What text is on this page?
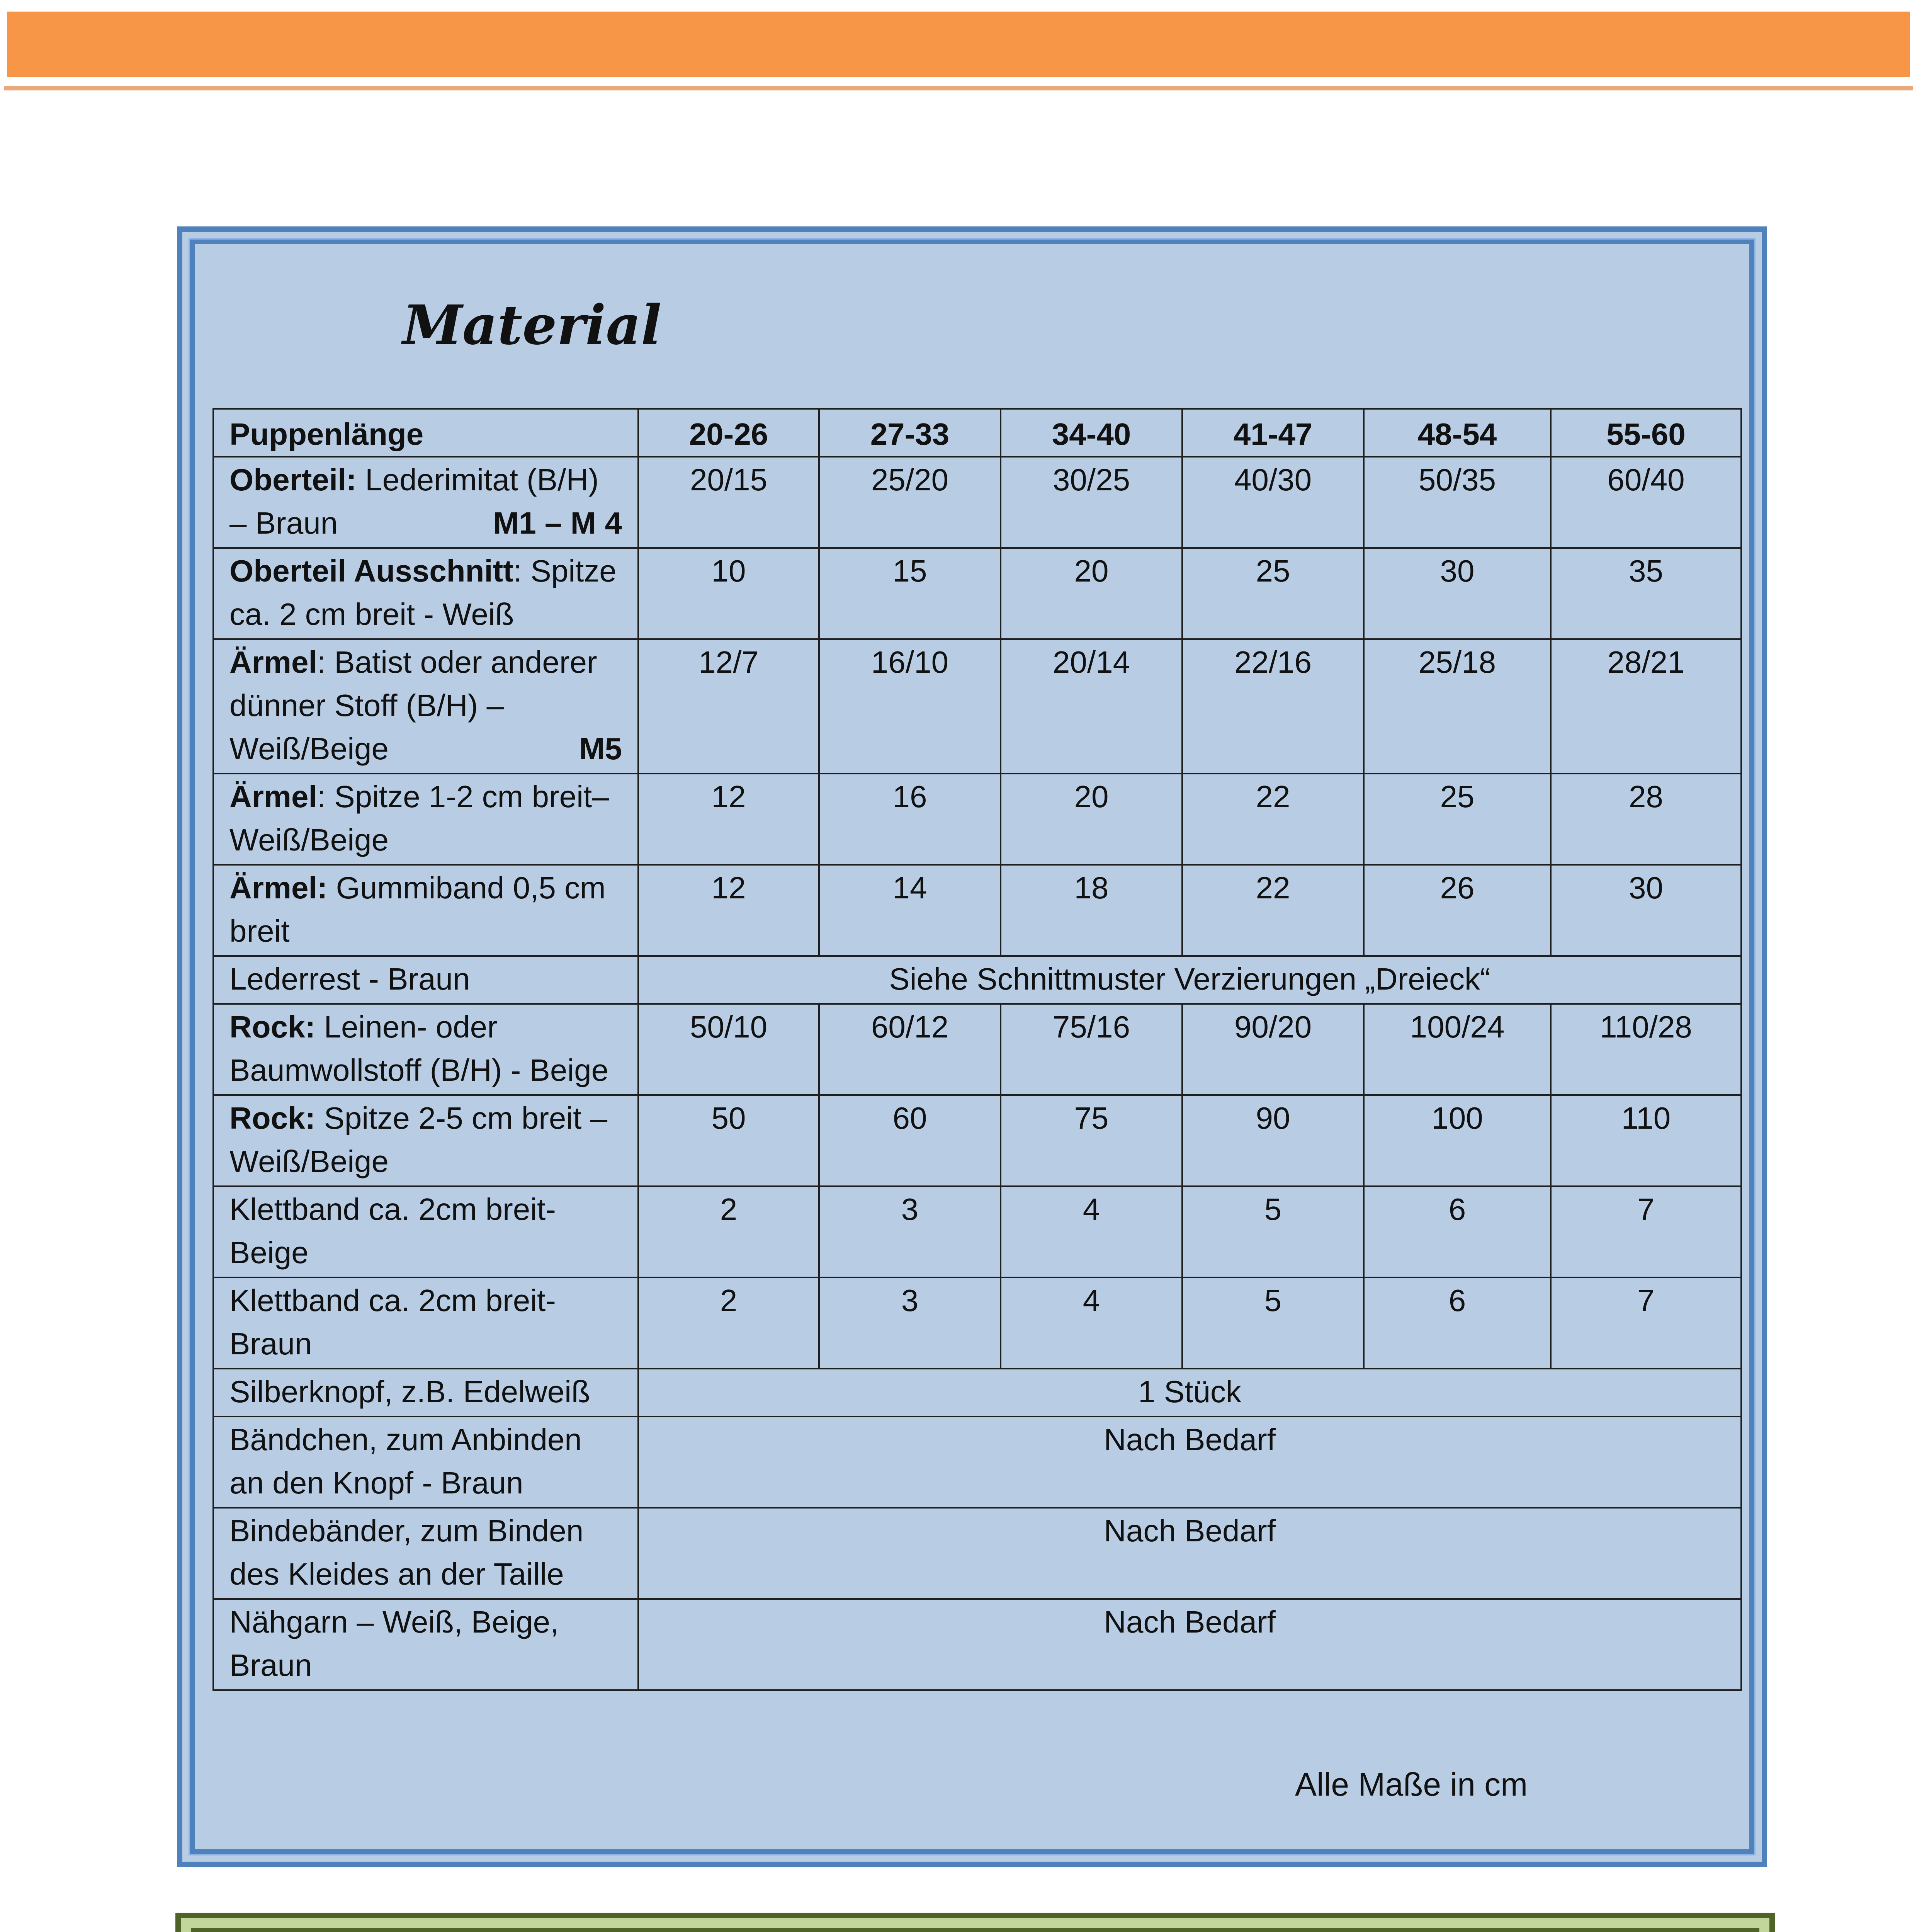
Material
Puppenlänge	20-26	27-33	34-40	41-47	48-54	55-60
Oberteil: Lederimitat (B/H) – Braun M1 – M 4	20/15	25/20	30/25	40/30	50/35	60/40
Oberteil Ausschnitt: Spitze ca. 2 cm breit - Weiß	10	15	20	25	30	35
Ärmel: Batist oder anderer dünner Stoff (B/H) – Weiß/Beige M5	12/7	16/10	20/14	22/16	25/18	28/21
Ärmel: Spitze 1-2 cm breit– Weiß/Beige	12	16	20	22	25	28
Ärmel: Gummiband 0,5 cm breit	12	14	18	22	26	30
Lederrest - Braun	Siehe Schnittmuster Verzierungen „Dreieck“					
Rock: Leinen- oder Baumwollstoff (B/H) - Beige	50/10	60/12	75/16	90/20	100/24	110/28
Rock: Spitze 2-5 cm breit – Weiß/Beige	50	60	75	90	100	110
Klettband ca. 2cm breit- Beige	2	3	4	5	6	7
Klettband ca. 2cm breit- Braun	2	3	4	5	6	7
Silberknopf, z.B. Edelweiß	1 Stück					
Bändchen, zum Anbinden an den Knopf - Braun	Nach Bedarf					
Bindebänder, zum Binden des Kleides an der Taille	Nach Bedarf					
Nähgarn – Weiß, Beige, Braun	Nach Bedarf					

Alle Maße in cm
